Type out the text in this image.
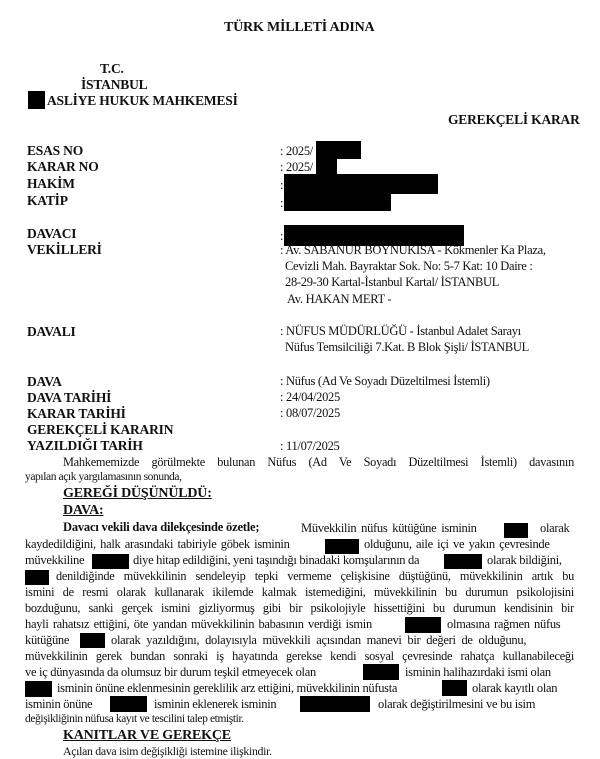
TÜRK MİLLETİ ADINA
T.C.
İSTANBUL
ASLİYE HUKUK MAHKEMESİ
GEREKÇELİ KARAR
ESAS NO	: 2025/
KARAR NO	: 2025/
HAKİM	:
KATİP	:
DAVACI	:
VEKİLLERİ	: Av. SABANUR BOYNUKISA - Kökmenler Ka Plaza,
Cevizli Mah. Bayraktar Sok. No: 5-7 Kat: 10 Daire :
28-29-30 Kartal-İstanbul Kartal/ İSTANBUL
Av. HAKAN MERT -
DAVALI	: NÜFUS MÜDÜRLÜĞÜ - İstanbul Adalet Sarayı
Nüfus Temsilciliği 7.Kat. B Blok Şişli/ İSTANBUL
DAVA	: Nüfus (Ad Ve Soyadı Düzeltilmesi İstemli)
DAVA TARİHİ	: 24/04/2025
KARAR TARİHİ	: 08/07/2025
GEREKÇELİ KARARIN
YAZILDIĞI TARİH	: 11/07/2025
Mahkememizde görülmekte bulunan Nüfus (Ad Ve Soyadı Düzeltilmesi İstemli) davasının
yapılan açık yargılamasının sonunda,
GEREĞİ DÜŞÜNÜLDÜ:
DAVA:
Davacı vekili dava dilekçesinde özetle;	Müvekkilin nüfus kütüğüne isminin	olarak
kaydedildiğini, halk arasındaki tabiriyle göbek isminin	olduğunu, aile içi ve yakın çevresinde
müvekkiline	diye hitap edildiğini, yeni taşındığı binadaki komşularının da	olarak bildiğini,
denildiğinde müvekkilinin sendeleyip tepki vermeme çelişkisine düştüğünü, müvekkilinin artık bu
ismini de resmi olarak kullanarak ikilemde kalmak istemediğini, müvekkilinin bu durumun psikolojisini
bozduğunu, sanki gerçek ismini gizliyormuş gibi bir psikolojiyle hissettiğini bu durumun kendisinin bir
hayli rahatsız ettiğini, öte yandan müvekkilinin babasının verdiği ismin	olmasına rağmen nüfus
kütüğüne	olarak yazıldığını, dolayısıyla müvekkili açısından manevi bir değeri de olduğunu,
müvekkilinin gerek bundan sonraki iş hayatında gerekse kendi sosyal çevresinde rahatça kullanabileceği
ve iç dünyasında da olumsuz bir durum teşkil etmeyecek olan	isminin halihazırdaki ismi olan
isminin önüne eklenmesinin gereklilik arz ettiğini, müvekkilinin nüfusta	olarak kayıtlı olan
isminin önüne	isminin eklenerek isminin	olarak değiştirilmesini ve bu isim
değişikliğinin nüfusa kayıt ve tescilini talep etmiştir.
KANITLAR VE GEREKÇE
Açılan dava isim değişikliği istemine ilişkindir.
